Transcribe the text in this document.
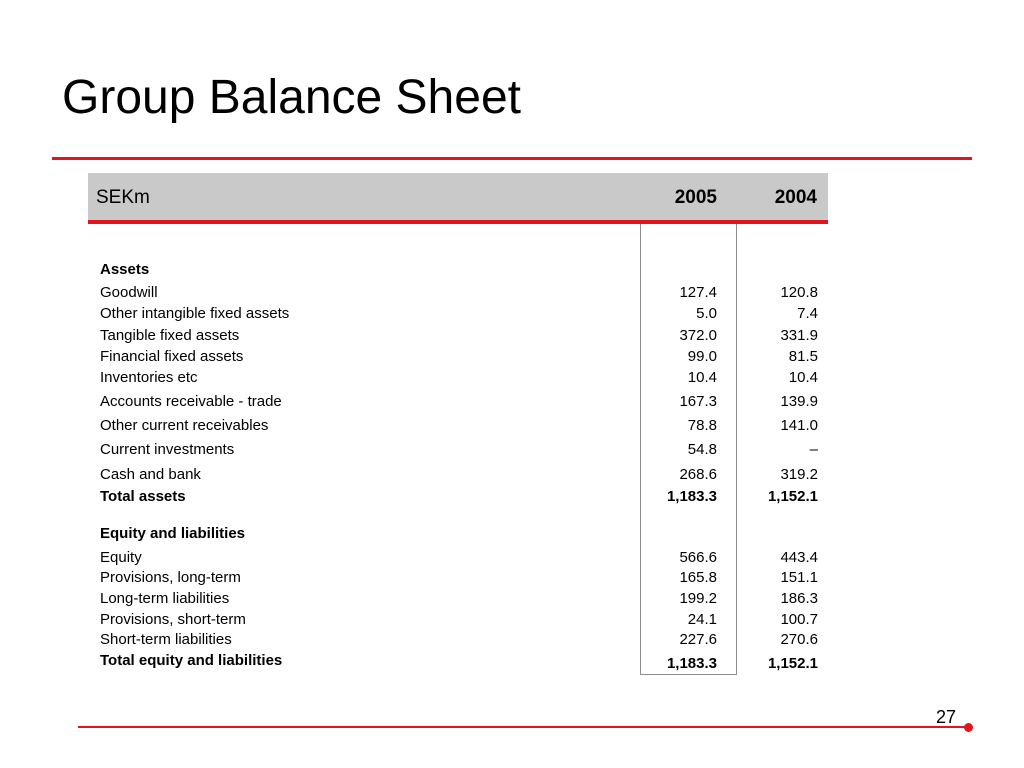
Group Balance Sheet
SEKm	2005	2004
Assets
Goodwill	127.4	120.8
Other intangible fixed assets	5.0	7.4
Tangible fixed assets	372.0	331.9
Financial fixed assets	99.0	81.5
Inventories etc	10.4	10.4
Accounts receivable - trade	167.3	139.9
Other current receivables	78.8	141.0
Current investments	54.8	–
Cash and bank	268.6	319.2
Total assets	1,183.3	1,152.1
Equity and liabilities
Equity	566.6	443.4
Provisions, long-term	165.8	151.1
Long-term liabilities	199.2	186.3
Provisions, short-term	24.1	100.7
Short-term liabilities	227.6	270.6
Total equity and liabilities	1,183.3	1,152.1
27
